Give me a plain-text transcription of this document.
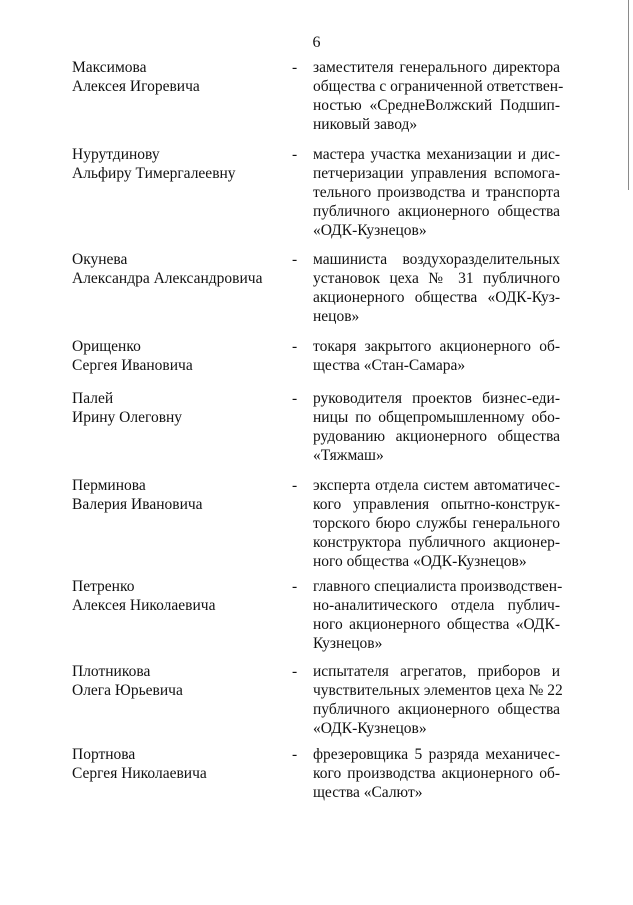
6
Максимова
Алексея Игоревича
- заместителя генерального директора
общества с ограниченной ответствен-
ностью «СреднеВолжский Подшип-
никовый завод»
Нурутдинову
Альфиру Тимергалеевну
- мастера участка механизации и дис-
петчеризации управления вспомога-
тельного производства и транспорта
публичного акционерного общества
«ОДК-Кузнецов»
Окунева
Александра Александровича
- машиниста воздухоразделительных
установок цеха № 31 публичного
акционерного общества «ОДК-Куз-
нецов»
Орищенко
Сергея Ивановича
- токаря закрытого акционерного об-
щества «Стан-Самара»
Палей
Ирину Олеговну
- руководителя проектов бизнес-еди-
ницы по общепромышленному обо-
рудованию акционерного общества
«Тяжмаш»
Перминова
Валерия Ивановича
- эксперта отдела систем автоматичес-
кого управления опытно-конструк-
торского бюро службы генерального
конструктора публичного акционер-
ного общества «ОДК-Кузнецов»
Петренко
Алексея Николаевича
- главного специалиста производствен-
но-аналитического отдела публич-
ного акционерного общества «ОДК-
Кузнецов»
Плотникова
Олега Юрьевича
- испытателя агрегатов, приборов и
чувствительных элементов цеха № 22
публичного акционерного общества
«ОДК-Кузнецов»
Портнова
Сергея Николаевича
- фрезеровщика 5 разряда механичес-
кого производства акционерного об-
щества «Салют»
